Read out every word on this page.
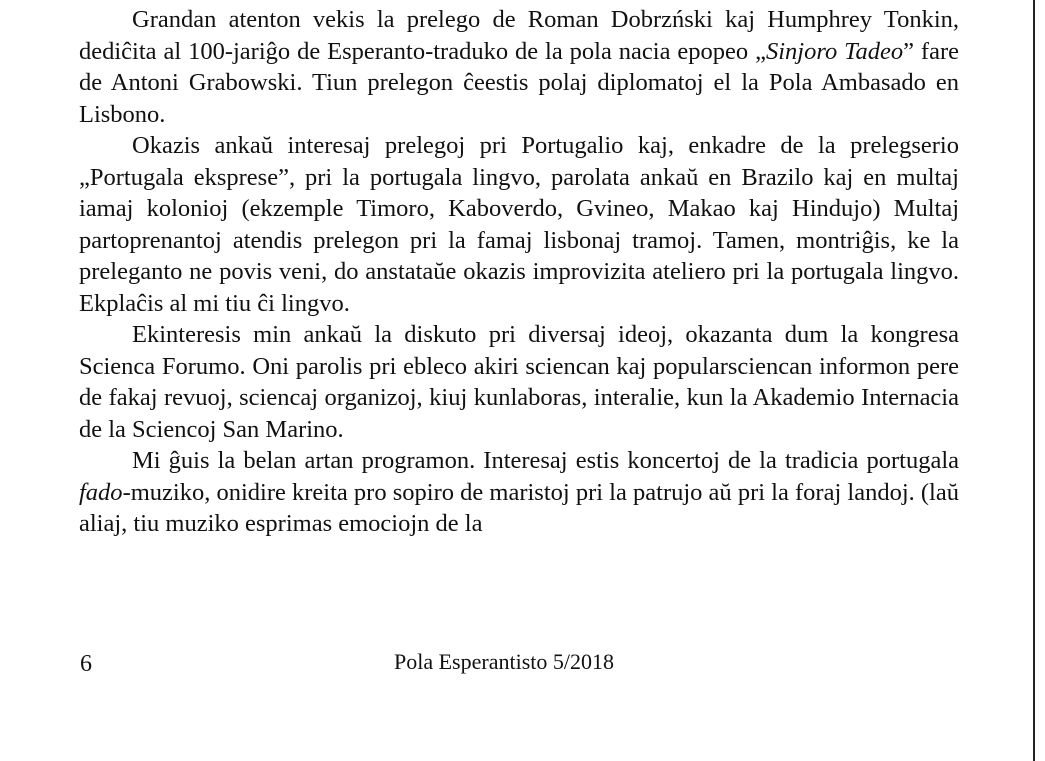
Grandan atenton vekis la prelego de Roman Dobrzński kaj Humphrey Tonkin, dediĉita al 100-jariĝo de Esperanto-traduko de la pola nacia epopeo „Sinjoro Tadeo” fare de Antoni Grabowski. Tiun prelegon ĉeestis polaj diplomatoj el la Pola Ambasado en Lisbono.

Okazis ankaŭ interesaj prelegoj pri Portugalio kaj, enkadre de la prelegserio „Portugala eksprese”, pri la portugala lingvo, parolata ankaŭ en Brazilo kaj en multaj iamaj kolonioj (ekzemple Timoro, Kaboverdo, Gvineo, Makao kaj Hindujo) Multaj partoprenantoj atendis prelegon pri la famaj lisbonaj tramoj. Tamen, montriĝis, ke la preleganto ne povis veni, do anstataŭe okazis improvizita ateliero pri la portugala lingvo. Ekplaĉis al mi tiu ĉi lingvo.

Ekinteresis min ankaŭ la diskuto pri diversaj ideoj, okazanta dum la kongresa Scienca Forumo. Oni parolis pri ebleco akiri sciencan kaj popularsciencan informon pere de fakaj revuoj, sciencaj organizoj, kiuj kunlaboras, interalie, kun la Akademio Internacia de la Sciencoj San Marino.

Mi ĝuis la belan artan programon. Interesaj estis koncertoj de la tradicia portugala fado-muziko, onidire kreita pro sopiro de maristoj pri la patrujo aŭ pri la foraj landoj. (laŭ aliaj, tiu muziko esprimas emociojn de la

6	Pola Esperantisto 5/2018
